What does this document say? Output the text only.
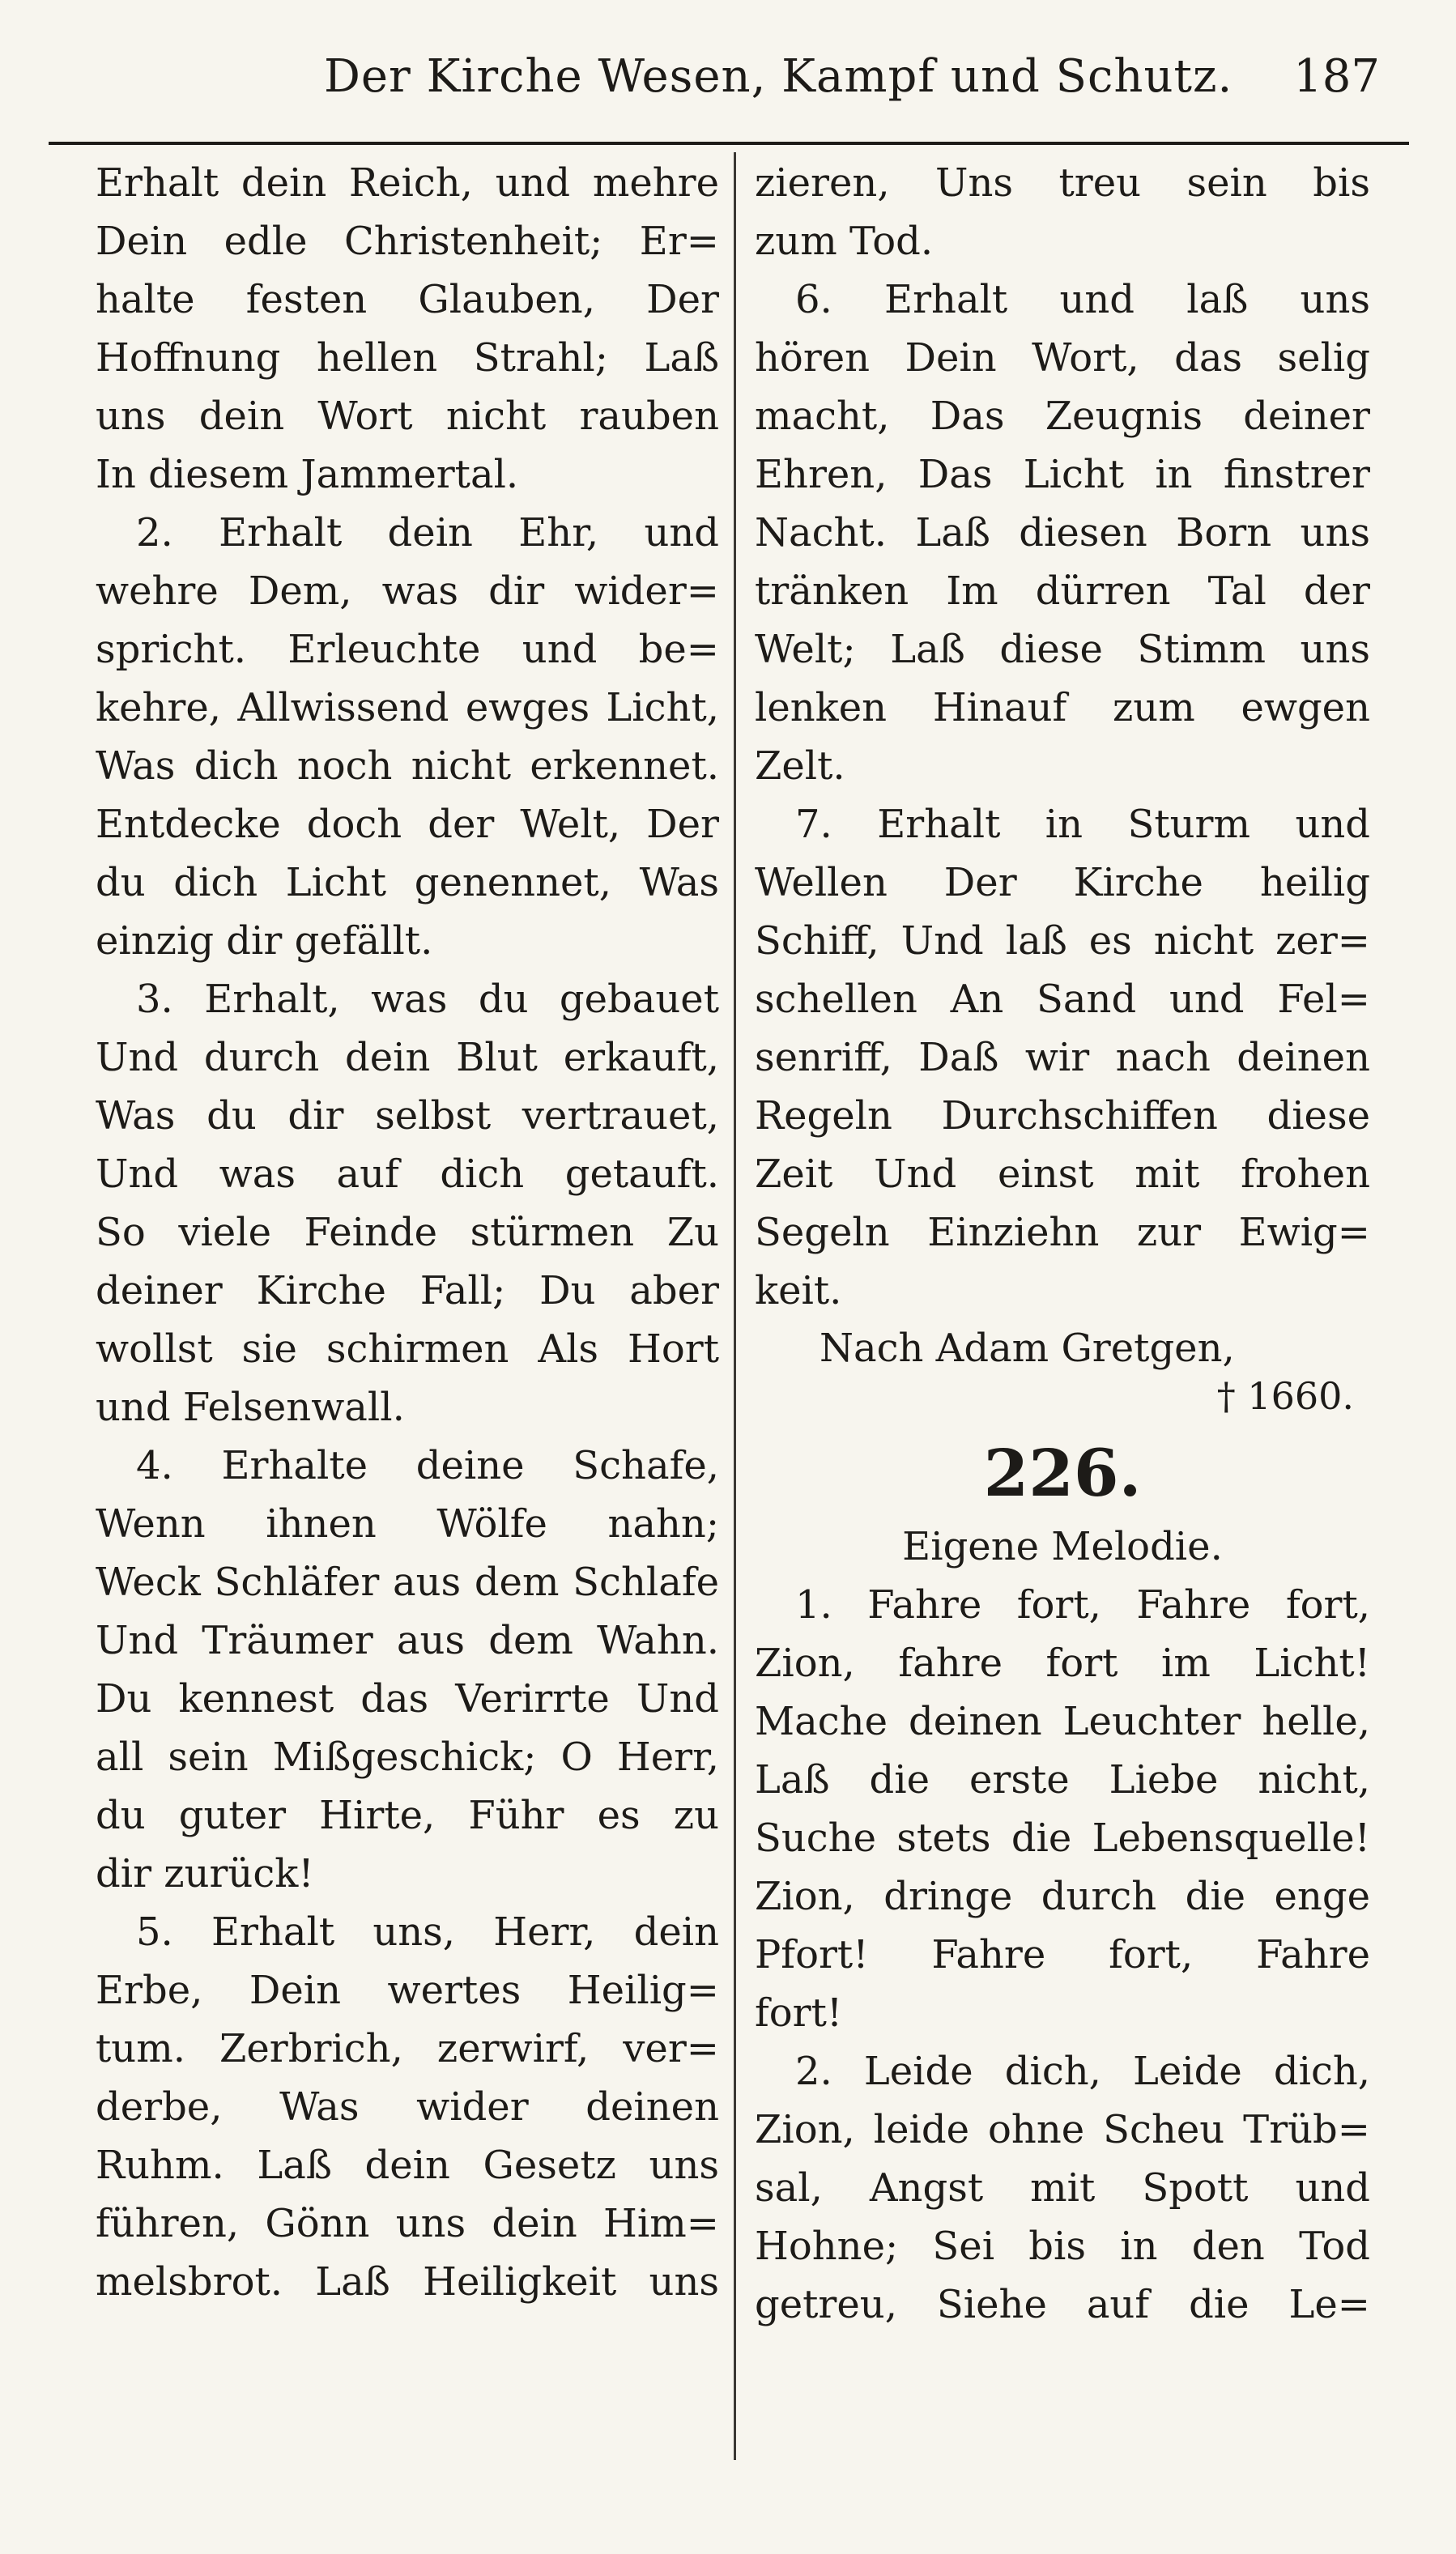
Der Kirche Wesen, Kampf und Schutz. 187
Erhalt dein Reich, und mehre
Dein edle Christenheit; Er=
halte festen Glauben, Der
Hoffnung hellen Strahl; Laß
uns dein Wort nicht rauben
In diesem Jammertal.
2. Erhalt dein Ehr, und
wehre Dem, was dir wider=
spricht. Erleuchte und be=
kehre, Allwissend ewges Licht,
Was dich noch nicht erkennet.
Entdecke doch der Welt, Der
du dich Licht genennet, Was
einzig dir gefällt.
3. Erhalt, was du gebauet
Und durch dein Blut erkauft,
Was du dir selbst vertrauet,
Und was auf dich getauft.
So viele Feinde stürmen Zu
deiner Kirche Fall; Du aber
wollst sie schirmen Als Hort
und Felsenwall.
4. Erhalte deine Schafe,
Wenn ihnen Wölfe nahn;
Weck Schläfer aus dem Schlafe
Und Träumer aus dem Wahn.
Du kennest das Verirrte Und
all sein Mißgeschick; O Herr,
du guter Hirte, Führ es zu
dir zurück!
5. Erhalt uns, Herr, dein
Erbe, Dein wertes Heilig=
tum. Zerbrich, zerwirf, ver=
derbe, Was wider deinen
Ruhm. Laß dein Gesetz uns
führen, Gönn uns dein Him=
melsbrot. Laß Heiligkeit uns
zieren, Uns treu sein bis
zum Tod.
6. Erhalt und laß uns
hören Dein Wort, das selig
macht, Das Zeugnis deiner
Ehren, Das Licht in finstrer
Nacht. Laß diesen Born uns
tränken Im dürren Tal der
Welt; Laß diese Stimm uns
lenken Hinauf zum ewgen
Zelt.
7. Erhalt in Sturm und
Wellen Der Kirche heilig
Schiff, Und laß es nicht zer=
schellen An Sand und Fel=
senriff, Daß wir nach deinen
Regeln Durchschiffen diese
Zeit Und einst mit frohen
Segeln Einziehn zur Ewig=
keit.
Nach Adam Gretgen,
† 1660.
226.
Eigene Melodie.
1. Fahre fort, Fahre fort,
Zion, fahre fort im Licht!
Mache deinen Leuchter helle,
Laß die erste Liebe nicht,
Suche stets die Lebensquelle!
Zion, dringe durch die enge
Pfort! Fahre fort, Fahre
fort!
2. Leide dich, Leide dich,
Zion, leide ohne Scheu Trüb=
sal, Angst mit Spott und
Hohne; Sei bis in den Tod
getreu, Siehe auf die Le=
